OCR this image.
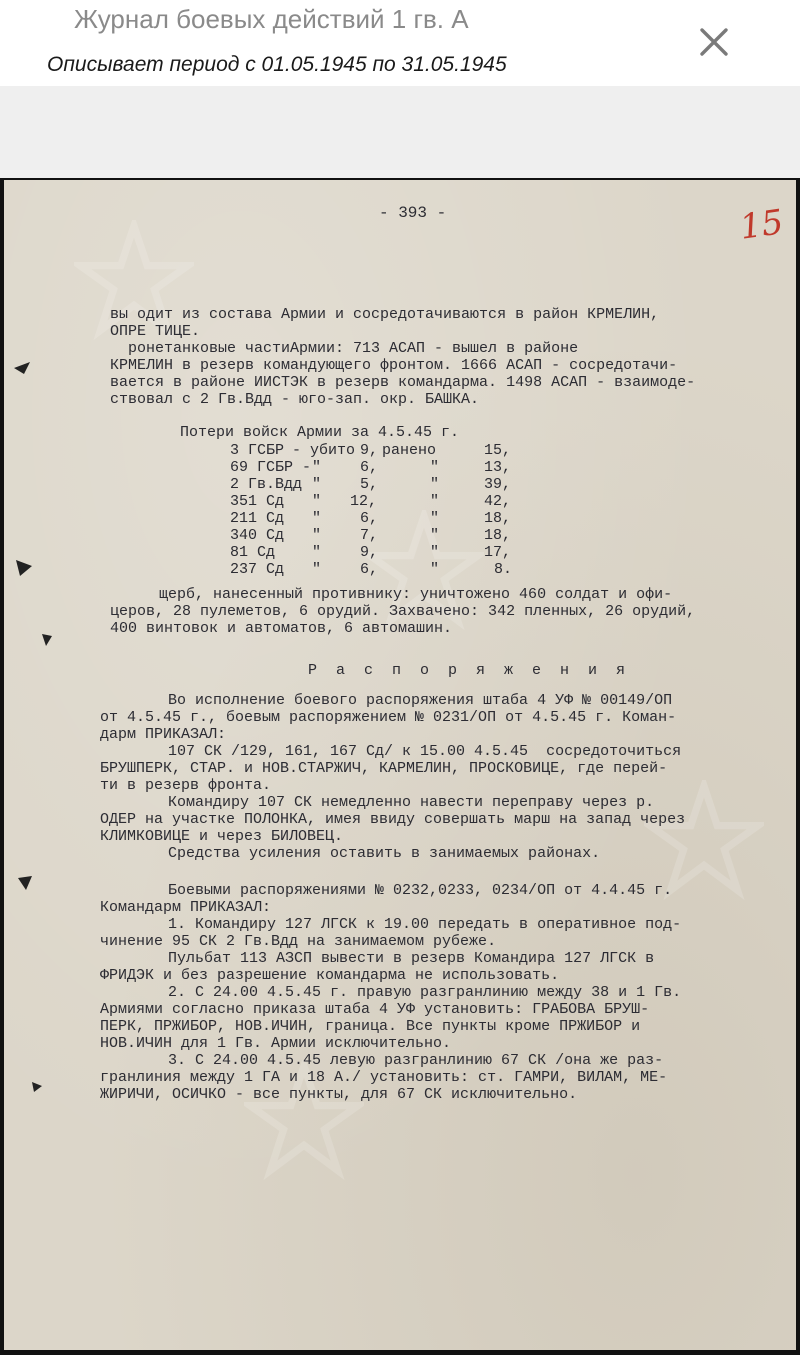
Журнал боевых действий 1 гв. А
Описывает период с 01.05.1945 по 31.05.1945
- 393 -	15
вы одит из состава Армии и сосредотачиваются в район КРМЕЛИН,
ОПРЕ ТИЦЕ.
ронетанковые частиАрмии: 713 АСАП - вышел в районе
КРМЕЛИН в резерв командующего фронтом. 1666 АСАП - сосредотачи-
вается в районе ИИСТЭК в резерв командарма. 1498 АСАП - взаимоде-
ствовал с 2 Гв.Вдд - юго-зап. окр. БАШКА.
Потери войск Армии за 4.5.45 г.
3 ГСБР - убито 9, ранено	15,
69 ГСБР - "	6,	"	13,
2 Гв.Вдд "	5,	"	39,
351 Сд " 12,	"	42,
211 Сд "	6,	"	18,
340 Сд "	7,	"	18,
81 Сд "	9,	"	17,
237 Сд "	6,	"	8.
щерб, нанесенный противнику: уничтожено 460 солдат и офи-
церов, 28 пулеметов, 6 орудий. Захвачено: 342 пленных, 26 орудий,
400 винтовок и автоматов, 6 автомашин.
Р а с п о р я ж е н и я
Во исполнение боевого распоряжения штаба 4 УФ № 00149/ОП
от 4.5.45 г., боевым распоряжением № 0231/ОП от 4.5.45 г. Коман-
дарм ПРИКАЗАЛ:
107 СК /129, 161, 167 Сд/ к 15.00 4.5.45  сосредоточиться
БРУШПЕРК, СТАР. и НОВ.СТАРЖИЧ, КАРМЕЛИН, ПРОСКОВИЦЕ, где перей-
ти в резерв фронта.
Командиру 107 СК немедленно навести переправу через р.
ОДЕР на участке ПОЛОНКА, имея ввиду совершать марш на запад через
КЛИМКОВИЦЕ и через БИЛОВЕЦ.
Средства усиления оставить в занимаемых районах.
Боевыми распоряжениями № 0232,0233, 0234/ОП от 4.4.45 г.
Командарм ПРИКАЗАЛ:
1. Командиру 127 ЛГСК к 19.00 передать в оперативное под-
чинение 95 СК 2 Гв.Вдд на занимаемом рубеже.
Пульбат 113 АЗСП вывести в резерв Командира 127 ЛГСК в
ФРИДЭК и без разрешение командарма не использовать.
2. С 24.00 4.5.45 г. правую разгранлинию между 38 и 1 Гв.
Армиями согласно приказа штаба 4 УФ установить: ГРАБОВА БРУШ-
ПЕРК, ПРЖИБОР, НОВ.ИЧИН, граница. Все пункты кроме ПРЖИБОР и
НОВ.ИЧИН для 1 Гв. Армии исключительно.
3. С 24.00 4.5.45 левую разгранлинию 67 СК /она же раз-
гранлиния между 1 ГА и 18 А./ установить: ст. ГАМРИ, ВИЛАМ, МЕ-
ЖИРИЧИ, ОСИЧКО - все пункты, для 67 СК исключительно.
